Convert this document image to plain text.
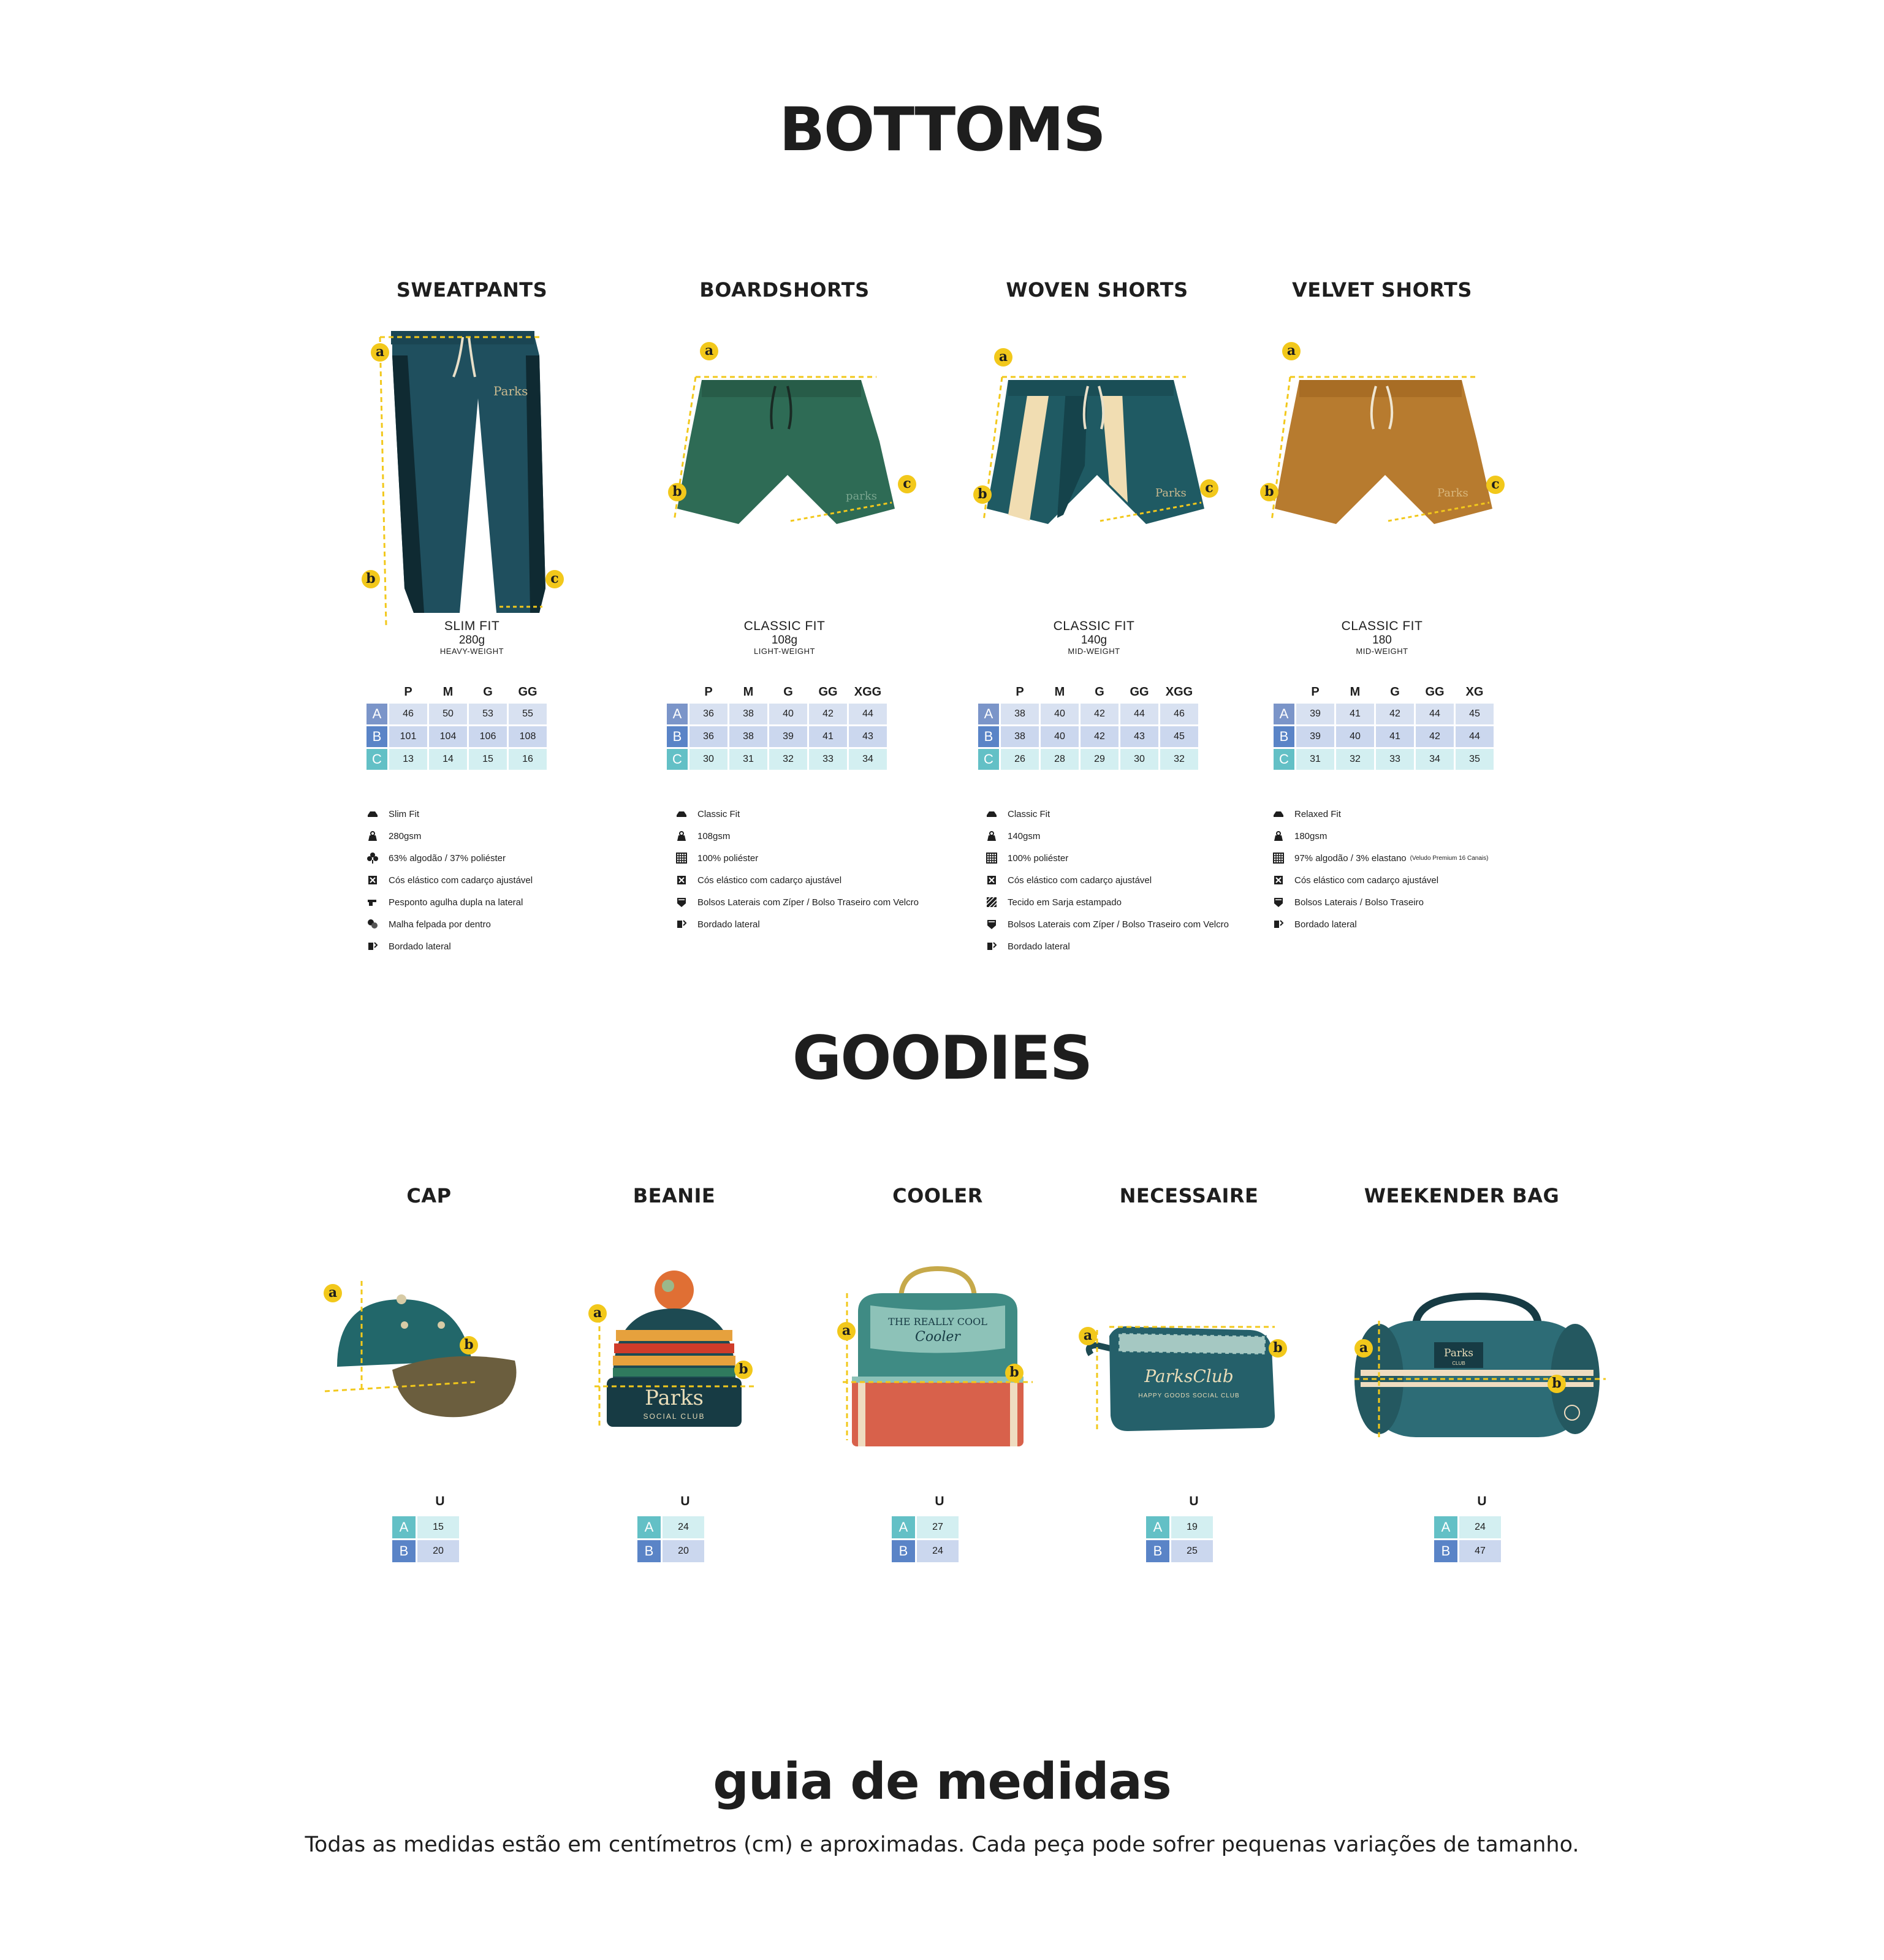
BOTTOMS
SWEATPANTS
Parks
a
b	c
SLIM FIT
280g
HEAVY-WEIGHT
	P	M	G	GG
A	46	50	53	55
B	101	104	106	108
C	13	14	15	16
Slim Fit
280gsm
63% algodão / 37% poliéster
Cós elástico com cadarço ajustável
Pesponto agulha dupla na lateral
Malha felpada por dentro
Bordado lateral
BOARDSHORTS
parks
a
b	c
CLASSIC FIT
108g
LIGHT-WEIGHT
	P	M	G	GG	XGG
A	36	38	40	42	44
B	36	38	39	41	43
C	30	31	32	33	34
Classic Fit
108gsm
100% poliéster
Cós elástico com cadarço ajustável
Bolsos Laterais com Zíper / Bolso Traseiro com Velcro
Bordado lateral
WOVEN SHORTS
Parks
a
b	c
CLASSIC FIT
140g
MID-WEIGHT
	P	M	G	GG	XGG
A	38	40	42	44	46
B	38	40	42	43	45
C	26	28	29	30	32
Classic Fit
140gsm
100% poliéster
Cós elástico com cadarço ajustável
Tecido em Sarja estampado
Bolsos Laterais com Zíper / Bolso Traseiro com Velcro
Bordado lateral
VELVET SHORTS
Parks
a
b	c
CLASSIC FIT
180
MID-WEIGHT
	P	M	G	GG	XG
A	39	41	42	44	45
B	39	40	41	42	44
C	31	32	33	34	35
Relaxed Fit
180gsm
97% algodão / 3% elastano (Veludo Premium 16 Canais)
Cós elástico com cadarço ajustável
Bolsos Laterais / Bolso Traseiro
Bordado lateral
GOODIES
CAP
a
b
U
A	15
B	20
BEANIE
Parks
SOCIAL CLUB
a
b
U
A	24
B	20
COOLER
THE REALLY COOL
Cooler
a
b
U
A	27
B	24
NECESSAIRE
ParksClub
HAPPY GOODS SOCIAL CLUB
a
b
U
A	19
B	25
WEEKENDER BAG
Parks
CLUB
a
b
U
A	24
B	47
guia de medidas
Todas as medidas estão em centímetros (cm) e aproximadas. Cada peça pode sofrer pequenas variações de tamanho.
